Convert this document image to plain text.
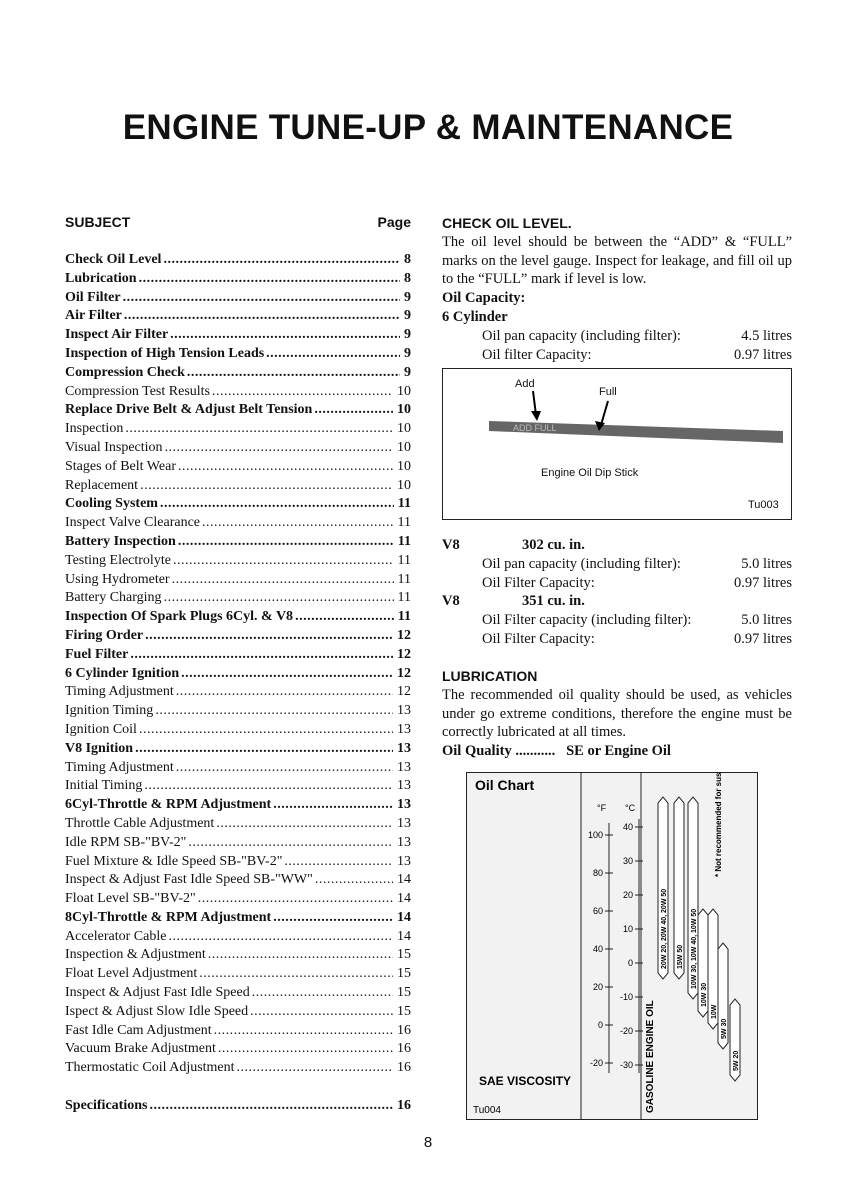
ENGINE TUNE-UP & MAINTENANCE
SUBJECT	Page
Check Oil Level .....	8
Lubrication .....	8
Oil Filter .....	9
Air Filter .....	9
Inspect Air Filter .....	9
Inspection of High Tension Leads .....	9
Compression Check .....	9
Compression Test Results .....	10
Replace Drive Belt & Adjust Belt Tension .....	10
Inspection .....	10
Visual Inspection .....	10
Stages of Belt Wear .....	10
Replacement .....	10
Cooling System .....	11
Inspect Valve Clearance .....	11
Battery Inspection .....	11
Testing Electrolyte .....	11
Using Hydrometer .....	11
Battery Charging .....	11
Inspection Of Spark Plugs 6Cyl. & V8 .....	11
Firing Order .....	12
Fuel Filter .....	12
6 Cylinder Ignition .....	12
Timing Adjustment .....	12
Ignition Timing .....	13
Ignition Coil .....	13
V8 Ignition .....	13
Timing Adjustment .....	13
Initial Timing .....	13
6Cyl-Throttle & RPM Adjustment .....	13
Throttle Cable Adjustment .....	13
Idle RPM SB-"BV-2" .....	13
Fuel Mixture & Idle Speed SB-"BV-2" .....	13
Inspect & Adjust Fast Idle Speed SB-"WW" .....	14
Float Level SB-"BV-2" .....	14
8Cyl-Throttle & RPM Adjustment .....	14
Accelerator Cable .....	14
Inspection & Adjustment .....	15
Float Level Adjustment .....	15
Inspect & Adjust Fast Idle Speed .....	15
Ispect & Adjust Slow Idle Speed .....	15
Fast Idle Cam Adjustment .....	16
Vacuum Brake Adjustment .....	16
Thermostatic Coil Adjustment .....	16
Specifications .....	16
CHECK OIL LEVEL.
The oil level should be between the “ADD” & “FULL” marks on the level gauge. Inspect for leakage, and fill oil up to the “FULL” mark if level is low.
Oil Capacity:
6 Cylinder
Oil pan capacity (including filter):	4.5 litres
Oil filter Capacity:	0.97 litres
ADD FULL
Add
Full
Engine Oil Dip Stick
Tu003
V8	302 cu. in.
Oil pan capacity (including filter):	5.0 litres
Oil Filter Capacity:	0.97 litres
V8	351 cu. in.
Oil Filter capacity (including filter):	5.0 litres
Oil Filter Capacity:	0.97 litres
LUBRICATION
The recommended oil quality should be used, as vehicles under go extreme conditions, therefore the engine must be correctly lubricated at all times.
Oil Quality ........... SE or Engine Oil
Oil Chart
°F °C
100
80
60
40
20
0
-20
40
30
20
10
0
-10
-20
-30 GASOLINE ENGINE OIL
20W 20, 20W 40, 20W 50 15W 50 10W 30, 10W 40, 10W 50
10W 30
10W
5W 30
5W 20
* Not recommended for sustained high speed driving
SAE VISCOSITY
Tu004
8
